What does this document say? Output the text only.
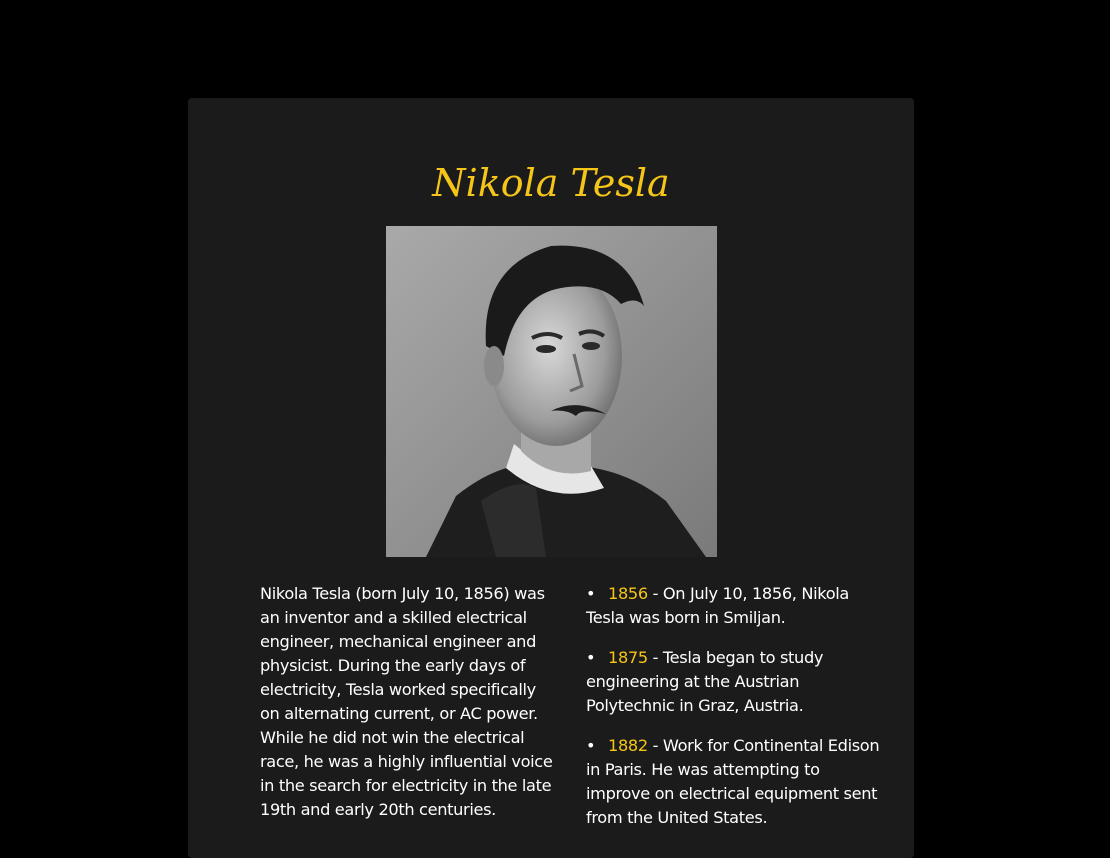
Nikola Tesla

Nikola Tesla (born July 10, 1856) was an inventor and a skilled electrical engineer, mechanical engineer and physicist. During the early days of electricity, Tesla worked specifically on alternating current, or AC power. While he did not win the electrical race, he was a highly influential voice in the search for electricity in the late 19th and early 20th centuries.

• 1856 - On July 10, 1856, Nikola Tesla was born in Smiljan.
• 1875 - Tesla began to study engineering at the Austrian Polytechnic in Graz, Austria.
• 1882 - Work for Continental Edison in Paris. He was attempting to improve on electrical equipment sent from the United States.
